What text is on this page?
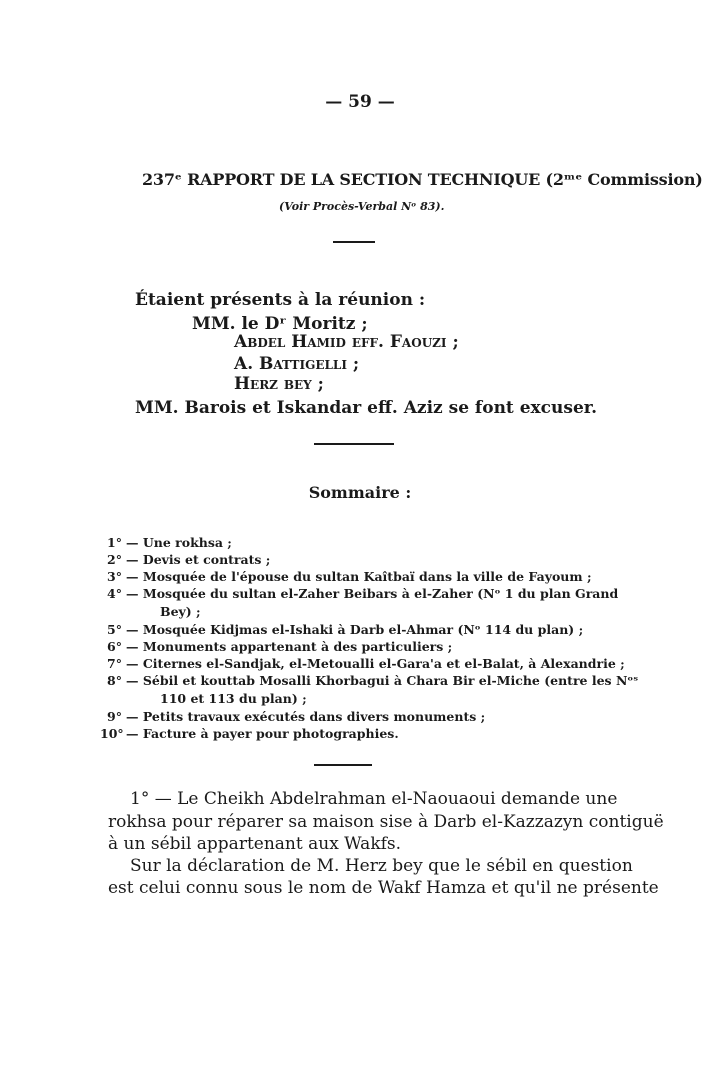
— 59 —
237ᵉ RAPPORT DE LA SECTION TECHNIQUE (2ᵐᵉ Commission)
(Voir Procès-Verbal Nᵒ 83).
Étaient présents à la réunion :
MM. le Dʳ Moritz ;
Abdel Hamid eff. Faouzi ;
A. Battigelli ;
Herz bey ;
MM. Barois et Iskandar eff. Aziz se font excuser.
Sommaire :
1° — Une rokhsa ;
2° — Devis et contrats ;
3° — Mosquée de l'épouse du sultan Kaîtbaï dans la ville de Fayoum ;
4° — Mosquée du sultan el-Zaher Beibars à el-Zaher (Nᵒ 1 du plan Grand
Bey) ;
5° — Mosquée Kidjmas el-Ishaki à Darb el-Ahmar (Nᵒ 114 du plan) ;
6° — Monuments appartenant à des particuliers ;
7° — Citernes el-Sandjak, el-Metoualli el-Gara'a et el-Balat, à Alexandrie ;
8° — Sébil et kouttab Mosalli Khorbagui à Chara Bir el-Miche (entre les Nᵒˢ
110 et 113 du plan) ;
9° — Petits travaux exécutés dans divers monuments ;
10° — Facture à payer pour photographies.
1° — Le Cheikh Abdelrahman el-Naouaoui demande une
rokhsa pour réparer sa maison sise à Darb el-Kazzazyn contiguë
à un sébil appartenant aux Wakfs.
Sur la déclaration de M. Herz bey que le sébil en question
est celui connu sous le nom de Wakf Hamza et qu'il ne présente
